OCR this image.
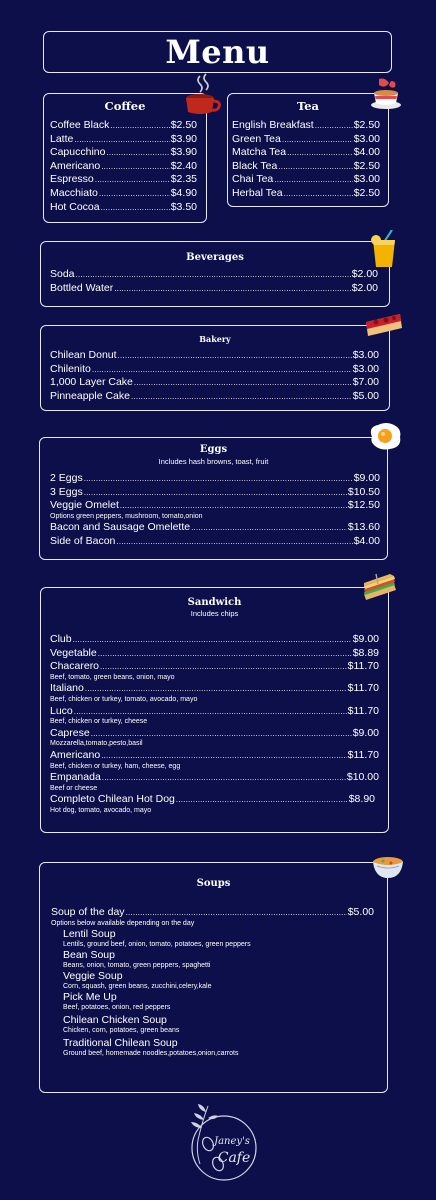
Menu
Coffee
Coffee Black .....	$2.50
Latte .....	$3.90
Capucchino .....	$3.90
Americano .....	$2.40
Espresso .....	$2.35
Macchiato .....	$4.90
Hot Cocoa .....	$3.50
Tea
English Breakfast .....	$2.50
Green Tea .....	$3.00
Matcha Tea .....	$4.00
Black Tea .....	$2.50
Chai Tea .....	$3.00
Herbal Tea .....	$2.50
Beverages
Soda .....	$2.00
Bottled Water .....	$2.00
Bakery
Chilean Donut .....	$3.00
Chilenito .....	$3.00
1,000 Layer Cake .....	$7.00
Pinneapple Cake .....	$5.00
Eggs
Includes hash browns, toast, fruit
2 Eggs .....	$9.00
3 Eggs .....	$10.50
Veggie Omelet .....	$12.50
Options green peppers, mushroom, tomato,onion
Bacon and Sausage Omelette .....	$13.60
Side of Bacon .....	$4.00
Sandwich
Includes chips
Club .....	$9.00
Vegetable .....	$8.89
Chacarero .....	$11.70
Beef, tomato, green beans, onion, mayo
Italiano .....	$11.70
Beef, chicken or turkey, tomato, avocado, mayo
Luco .....	$11.70
Beef, chicken or turkey, cheese
Caprese .....	$9.00
Mozzarella,tomato,pesto,basil
Americano .....	$11.70
Beef, chicken or turkey, ham, cheese, egg
Empanada .....	$10.00
Beef or cheese
Completo Chilean Hot Dog .....	$8.90
Hot dog, tomato, avocado, mayo
Soups
Soup of the day .....	$5.00
Options below available depending on the day
Lentil Soup
Lentils, ground beef, onion, tomato, potatoes, green peppers
Bean Soup
Beans, onion, tomato, green peppers, spaghetti
Veggie Soup
Corn, squash, green beans, zucchini,celery,kale
Pick Me Up
Beef, potatoes, onion, red peppers
Chilean Chicken Soup
Chicken, corn, potatoes, green beans
Traditional Chilean Soup
Ground beef, homemade noodles,potatoes,onion,carrots
Janey's
Cafe
